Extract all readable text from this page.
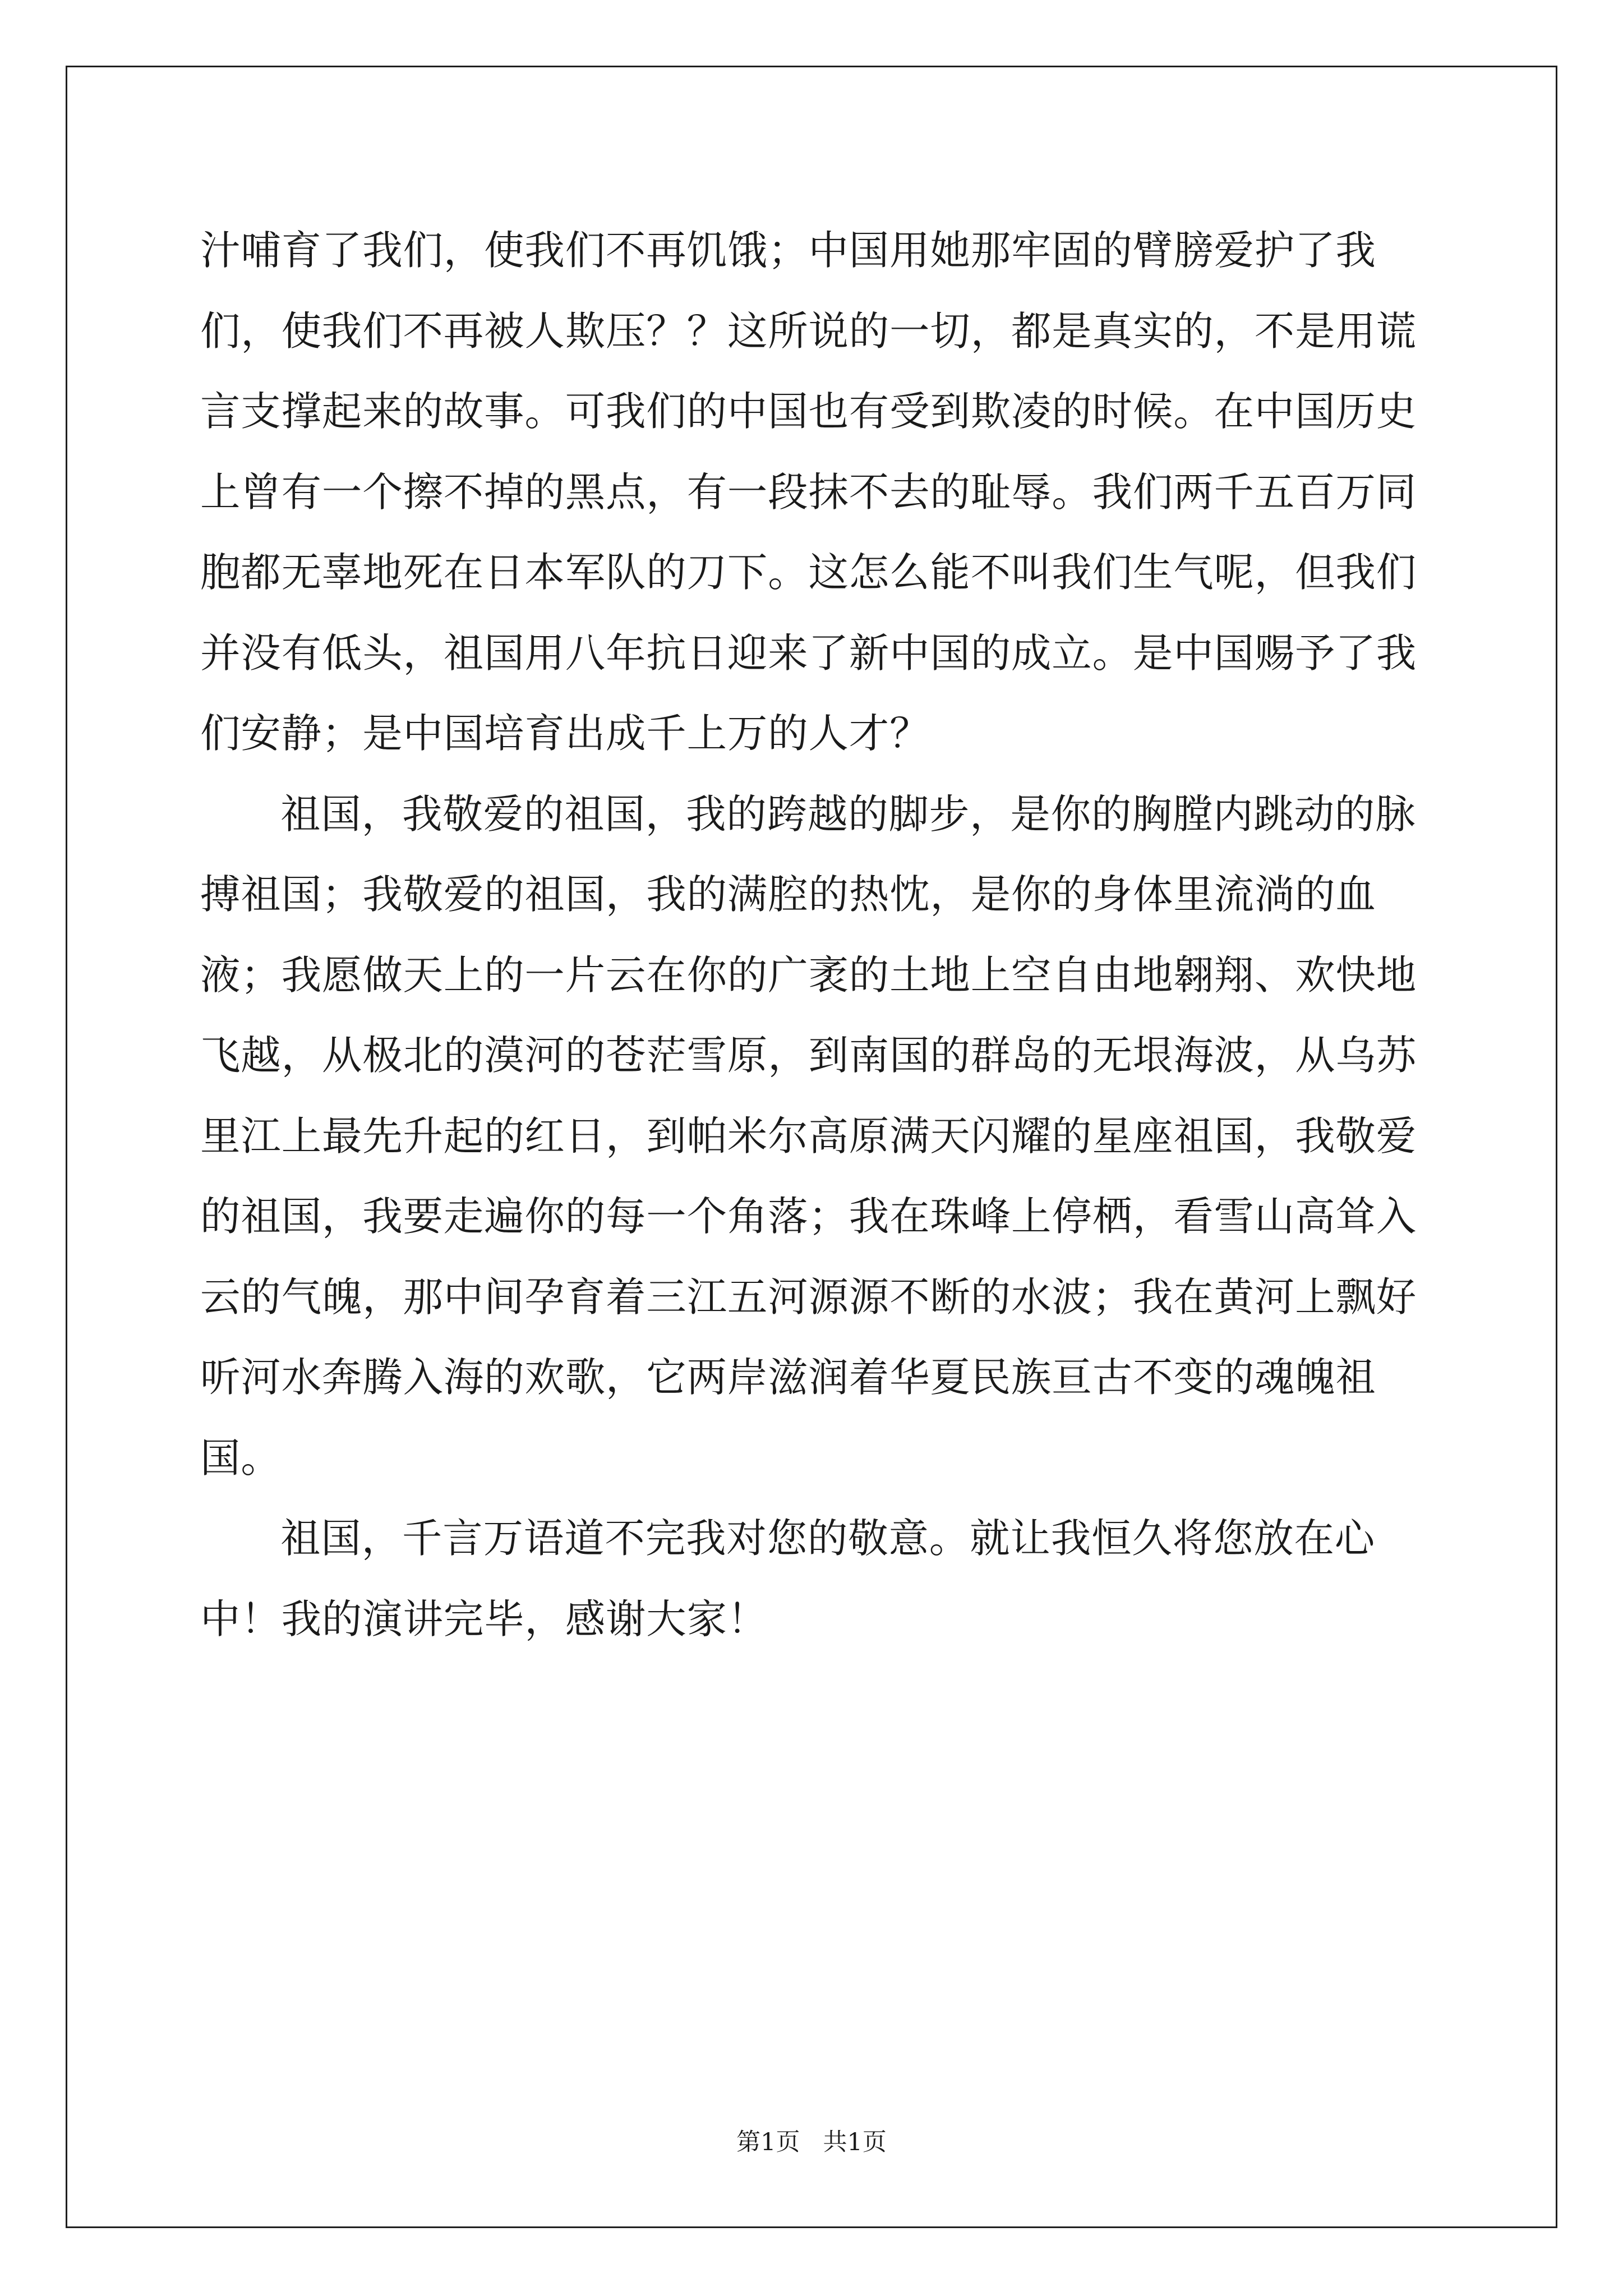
汁哺育了我们，使我们不再饥饿；中国用她那牢固的臂膀爱护了我们，使我们不再被人欺压？？这所说的一切，都是真实的，不是用谎言支撑起来的故事。可我们的中国也有受到欺凌的时候。在中国历史上曾有一个擦不掉的黑点，有一段抹不去的耻辱。我们两千五百万同胞都无辜地死在日本军队的刀下。这怎么能不叫我们生气呢，但我们并没有低头，祖国用八年抗日迎来了新中国的成立。是中国赐予了我们安静；是中国培育出成千上万的人才？

祖国，我敬爱的祖国，我的跨越的脚步，是你的胸膛内跳动的脉搏祖国；我敬爱的祖国，我的满腔的热忱，是你的身体里流淌的血液；我愿做天上的一片云在你的广袤的土地上空自由地翱翔、欢快地飞越，从极北的漠河的苍茫雪原，到南国的群岛的无垠海波，从乌苏里江上最先升起的红日，到帕米尔高原满天闪耀的星座祖国，我敬爱的祖国，我要走遍你的每一个角落；我在珠峰上停栖，看雪山高耸入云的气魄，那中间孕育着三江五河源源不断的水波；我在黄河上飘好听河水奔腾入海的欢歌，它两岸滋润着华夏民族亘古不变的魂魄祖国。

祖国，千言万语道不完我对您的敬意。就让我恒久将您放在心中！我的演讲完毕，感谢大家！

第1页   共1页
